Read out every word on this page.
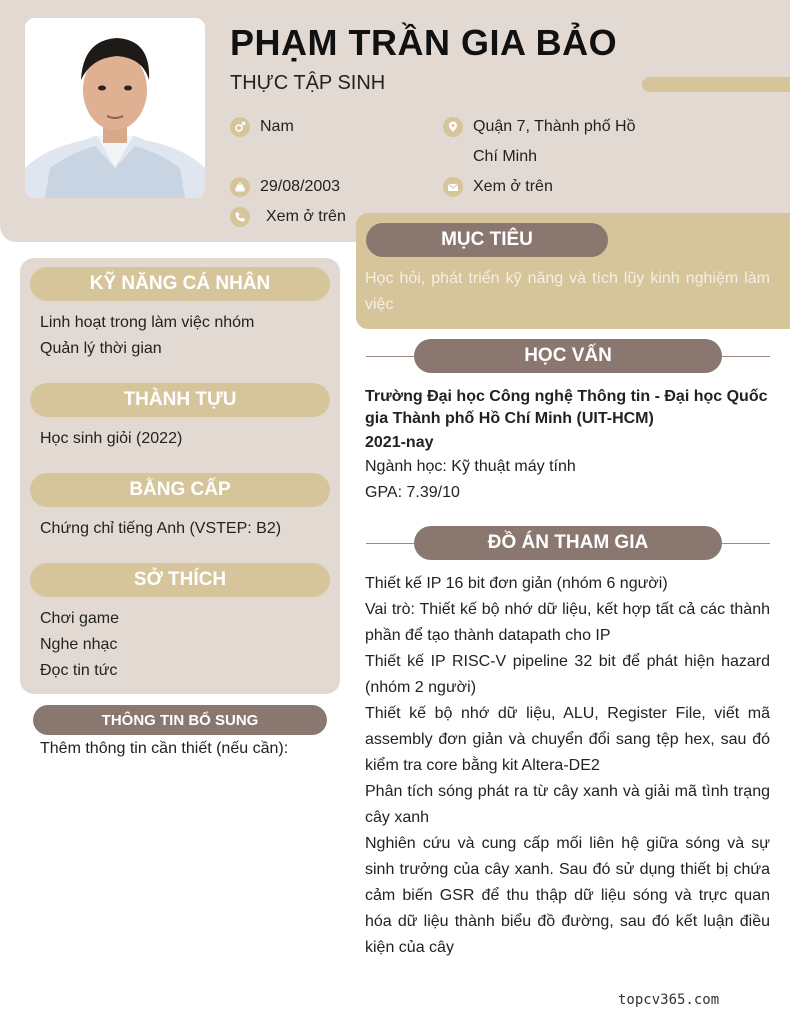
PHẠM TRẦN GIA BẢO
THỰC TẬP SINH
Nam	Quận 7, Thành phố Hồ
Chí Minh
29/08/2003	Xem ở trên
Xem ở trên
KỸ NĂNG CÁ NHÂN
Linh hoạt trong làm việc nhóm
Quản lý thời gian
THÀNH TỰU
Học sinh giỏi (2022)
BẰNG CẤP
Chứng chỉ tiếng Anh (VSTEP: B2)
SỞ THÍCH
Chơi game
Nghe nhạc
Đọc tin tức
THÔNG TIN BỔ SUNG
Thêm thông tin cần thiết (nếu cần):
MỤC TIÊU
Học hỏi, phát triển kỹ năng và tích lũy kinh nghiệm làm việc
HỌC VẤN
Trường Đại học Công nghệ Thông tin - Đại học Quốc gia Thành phố Hồ Chí Minh (UIT-HCM)
2021-nay
Ngành học: Kỹ thuật máy tính
GPA: 7.39/10
ĐỒ ÁN THAM GIA

Thiết kế IP 16 bit đơn giản (nhóm 6 người)

Vai trò: Thiết kế bộ nhớ dữ liệu, kết hợp tất cả các thành phần để tạo thành datapath cho IP

Thiết kế IP RISC-V pipeline 32 bit để phát hiện hazard (nhóm 2 người)

Thiết kế bộ nhớ dữ liệu, ALU, Register File, viết mã assembly đơn giản và chuyển đổi sang tệp hex, sau đó kiểm tra core bằng kit Altera-DE2

Phân tích sóng phát ra từ cây xanh và giải mã tình trạng cây xanh

Nghiên cứu và cung cấp mối liên hệ giữa sóng và sự sinh trưởng của cây xanh. Sau đó sử dụng thiết bị chứa cảm biến GSR để thu thập dữ liệu sóng và trực quan hóa dữ liệu thành biểu đồ đường, sau đó kết luận điều kiện của cây

topcv365.com
